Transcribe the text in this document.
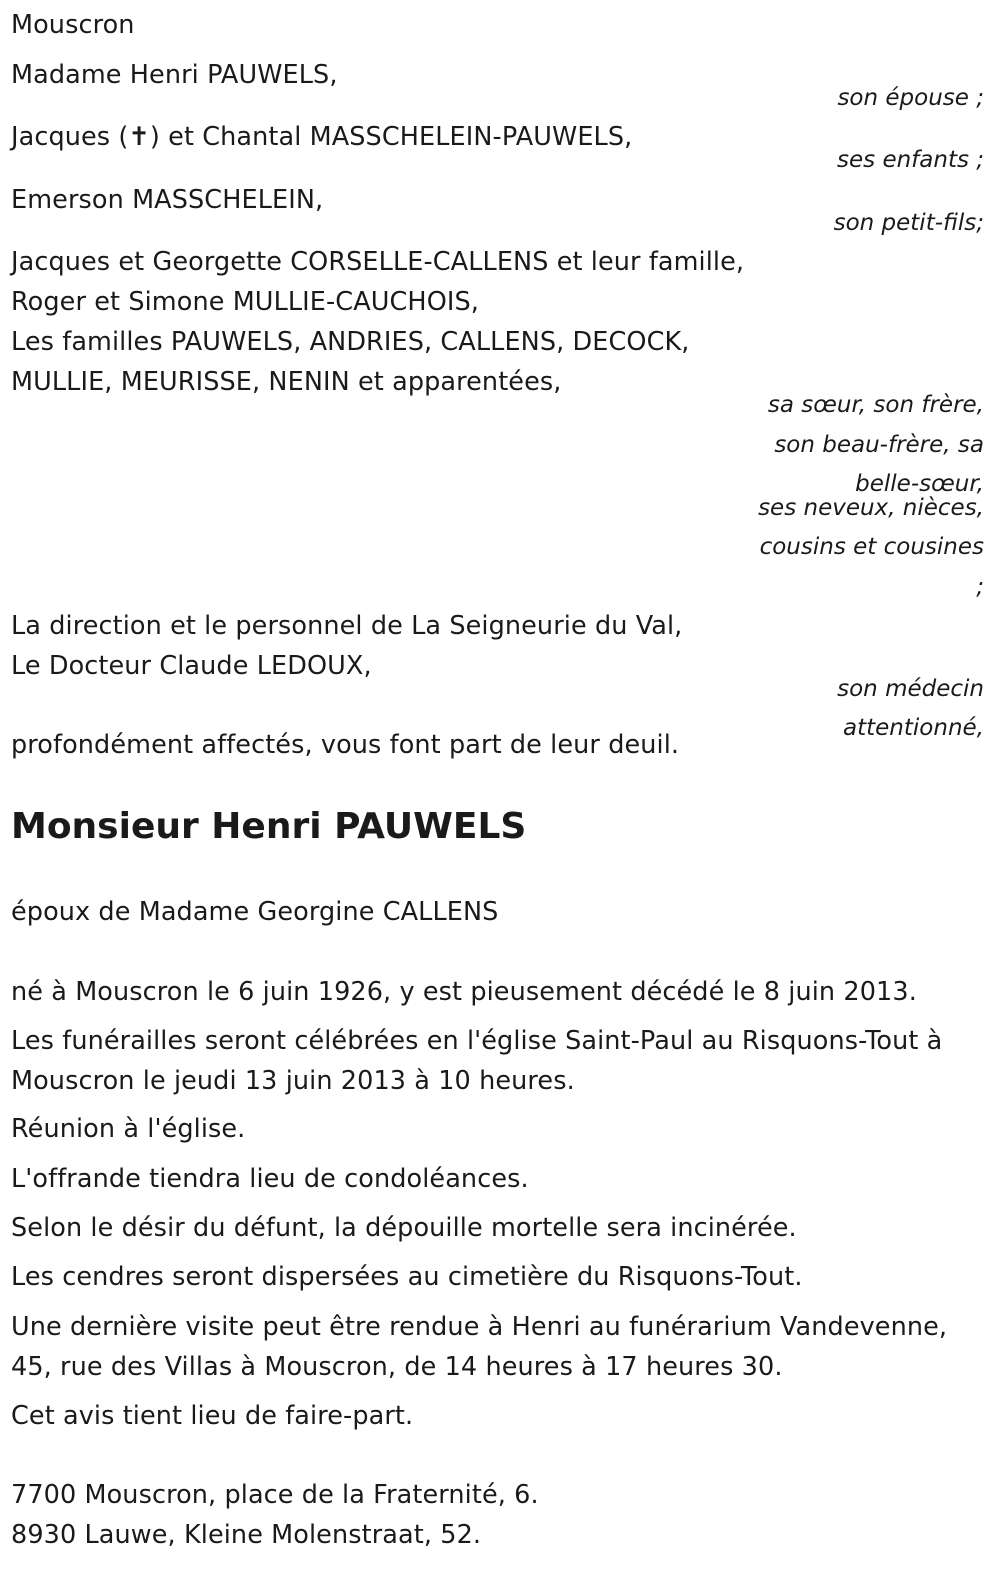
Mouscron
Madame Henri PAUWELS,
son épouse ;
Jacques (✝) et Chantal MASSCHELEIN-PAUWELS,
ses enfants ;
Emerson MASSCHELEIN,
son petit-fils;
Jacques et Georgette CORSELLE-CALLENS et leur famille,
Roger et Simone MULLIE-CAUCHOIS,
Les familles PAUWELS, ANDRIES, CALLENS, DECOCK,
MULLIE, MEURISSE, NENIN et apparentées,
sa sœur, son frère,
son beau-frère, sa
belle-sœur,
ses neveux, nièces,
cousins et cousines
;
La direction et le personnel de La Seigneurie du Val,
Le Docteur Claude LEDOUX,
son médecin
attentionné,
profondément affectés, vous font part de leur deuil.
Monsieur Henri PAUWELS
époux de Madame Georgine CALLENS
né à Mouscron le 6 juin 1926, y est pieusement décédé le 8 juin 2013.
Les funérailles seront célébrées en l'église Saint-Paul au Risquons-Tout à
Mouscron le jeudi 13 juin 2013 à 10 heures.
Réunion à l'église.
L'offrande tiendra lieu de condoléances.
Selon le désir du défunt, la dépouille mortelle sera incinérée.
Les cendres seront dispersées au cimetière du Risquons-Tout.
Une dernière visite peut être rendue à Henri au funérarium Vandevenne,
45, rue des Villas à Mouscron, de 14 heures à 17 heures 30.
Cet avis tient lieu de faire-part.
7700 Mouscron, place de la Fraternité, 6.
8930 Lauwe, Kleine Molenstraat, 52.
